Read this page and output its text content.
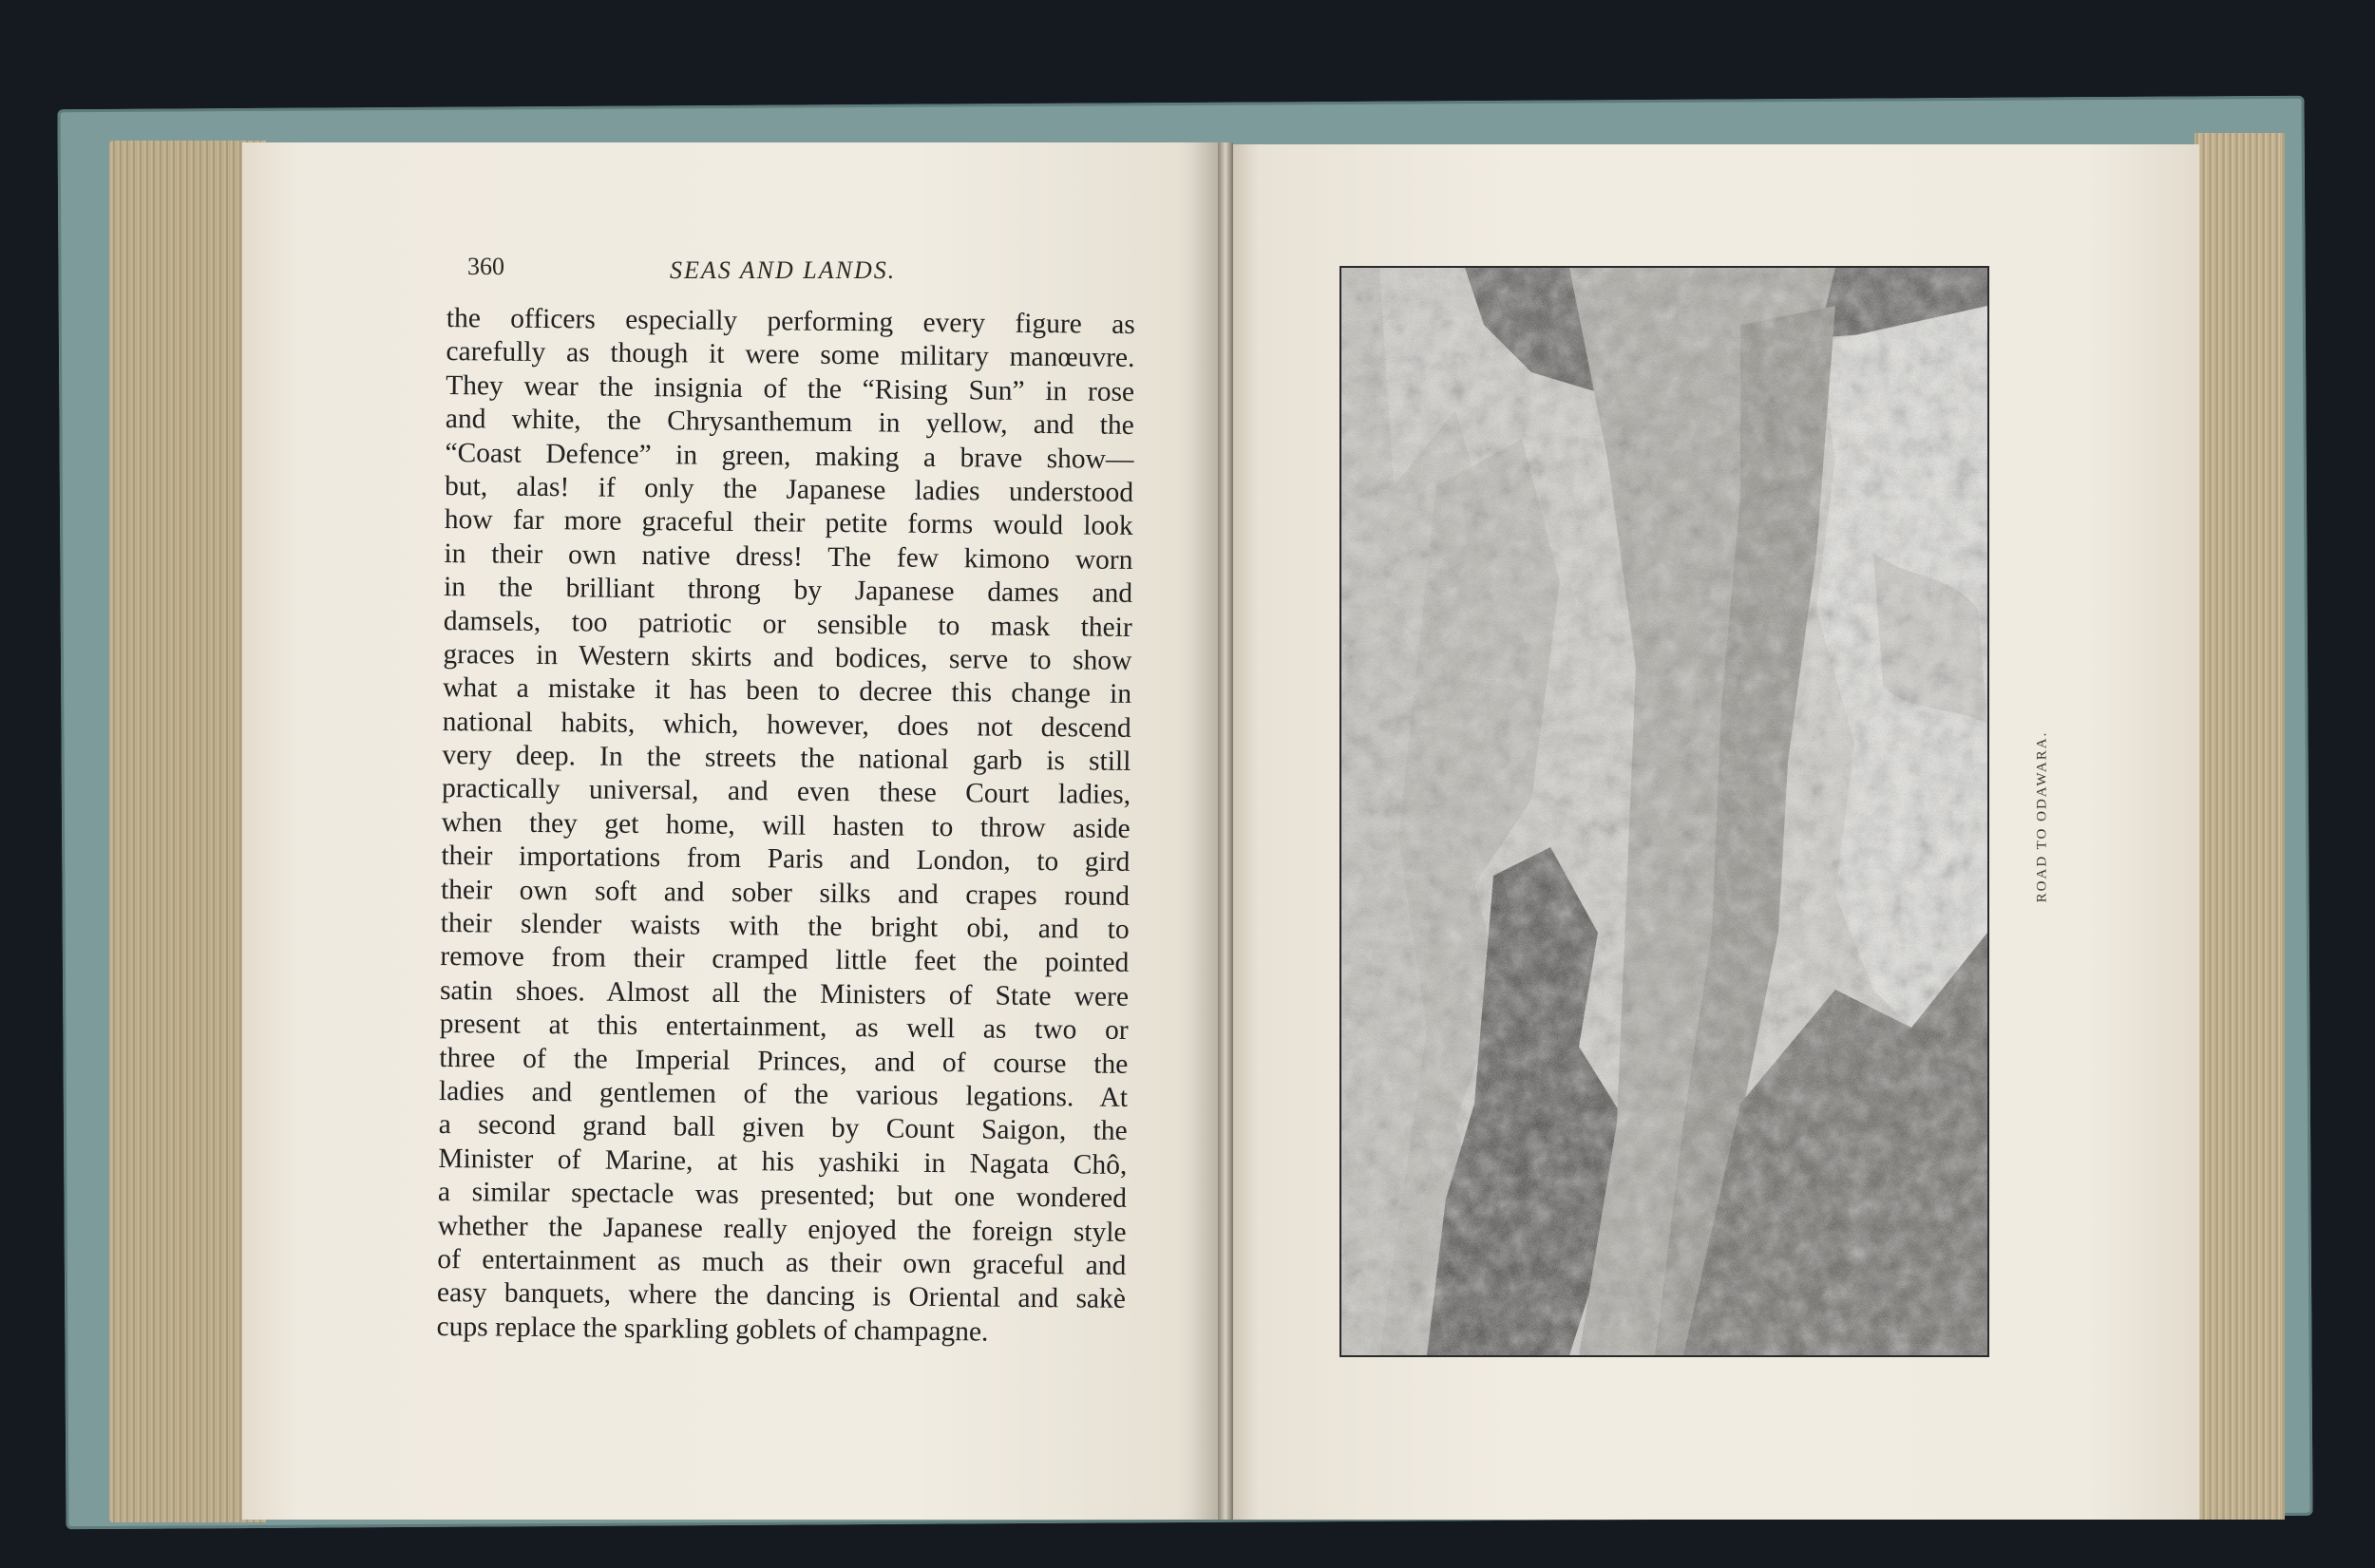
360	SEAS AND LANDS.
the officers especially performing every figure as
carefully as though it were some military manœuvre.
They wear the insignia of the “Rising Sun” in rose
and white, the Chrysanthemum in yellow, and the
“Coast Defence” in green, making a brave show—
but, alas! if only the Japanese ladies understood
how far more graceful their petite forms would look
in their own native dress! The few kimono worn
in the brilliant throng by Japanese dames and
damsels, too patriotic or sensible to mask their
graces in Western skirts and bodices, serve to show
what a mistake it has been to decree this change in
national habits, which, however, does not descend
very deep. In the streets the national garb is still
practically universal, and even these Court ladies,
when they get home, will hasten to throw aside
their importations from Paris and London, to gird
their own soft and sober silks and crapes round
their slender waists with the bright obi, and to
remove from their cramped little feet the pointed
satin shoes. Almost all the Ministers of State were
present at this entertainment, as well as two or
three of the Imperial Princes, and of course the
ladies and gentlemen of the various legations. At
a second grand ball given by Count Saigon, the
Minister of Marine, at his yashiki in Nagata Chô,
a similar spectacle was presented; but one wondered
whether the Japanese really enjoyed the foreign style
of entertainment as much as their own graceful and
easy banquets, where the dancing is Oriental and sakè
cups replace the sparkling goblets of champagne.
ROAD TO ODAWARA.
